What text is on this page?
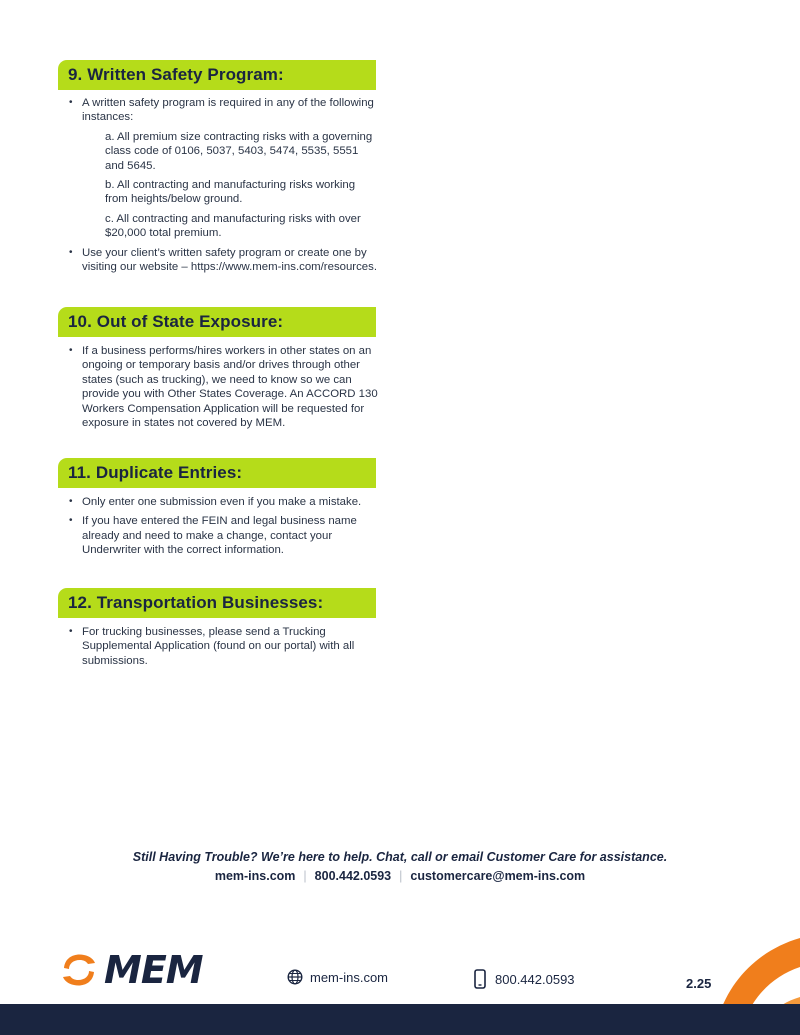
9. Written Safety Program:
• A written safety program is required in any of the following instances:
a. All premium size contracting risks with a governing class code of 0106, 5037, 5403, 5474, 5535, 5551 and 5645.
b. All contracting and manufacturing risks working from heights/below ground.
c. All contracting and manufacturing risks with over $20,000 total premium.
• Use your client’s written safety program or create one by visiting our website – https://www.mem-ins.com/resources.
10. Out of State Exposure:
• If a business performs/hires workers in other states on an ongoing or temporary basis and/or drives through other states (such as trucking), we need to know so we can provide you with Other States Coverage. An ACCORD 130 Workers Compensation Application will be requested for exposure in states not covered by MEM.
11. Duplicate Entries:
• Only enter one submission even if you make a mistake.
• If you have entered the FEIN and legal business name already and need to make a change, contact your Underwriter with the correct information.
12. Transportation Businesses:
• For trucking businesses, please send a Trucking Supplemental Application (found on our portal) with all submissions.
Still Having Trouble? We’re here to help. Chat, call or email Customer Care for assistance.
mem-ins.com | 800.442.0593 | customercare@mem-ins.com
MEM	mem-ins.com	800.442.0593	2.25
